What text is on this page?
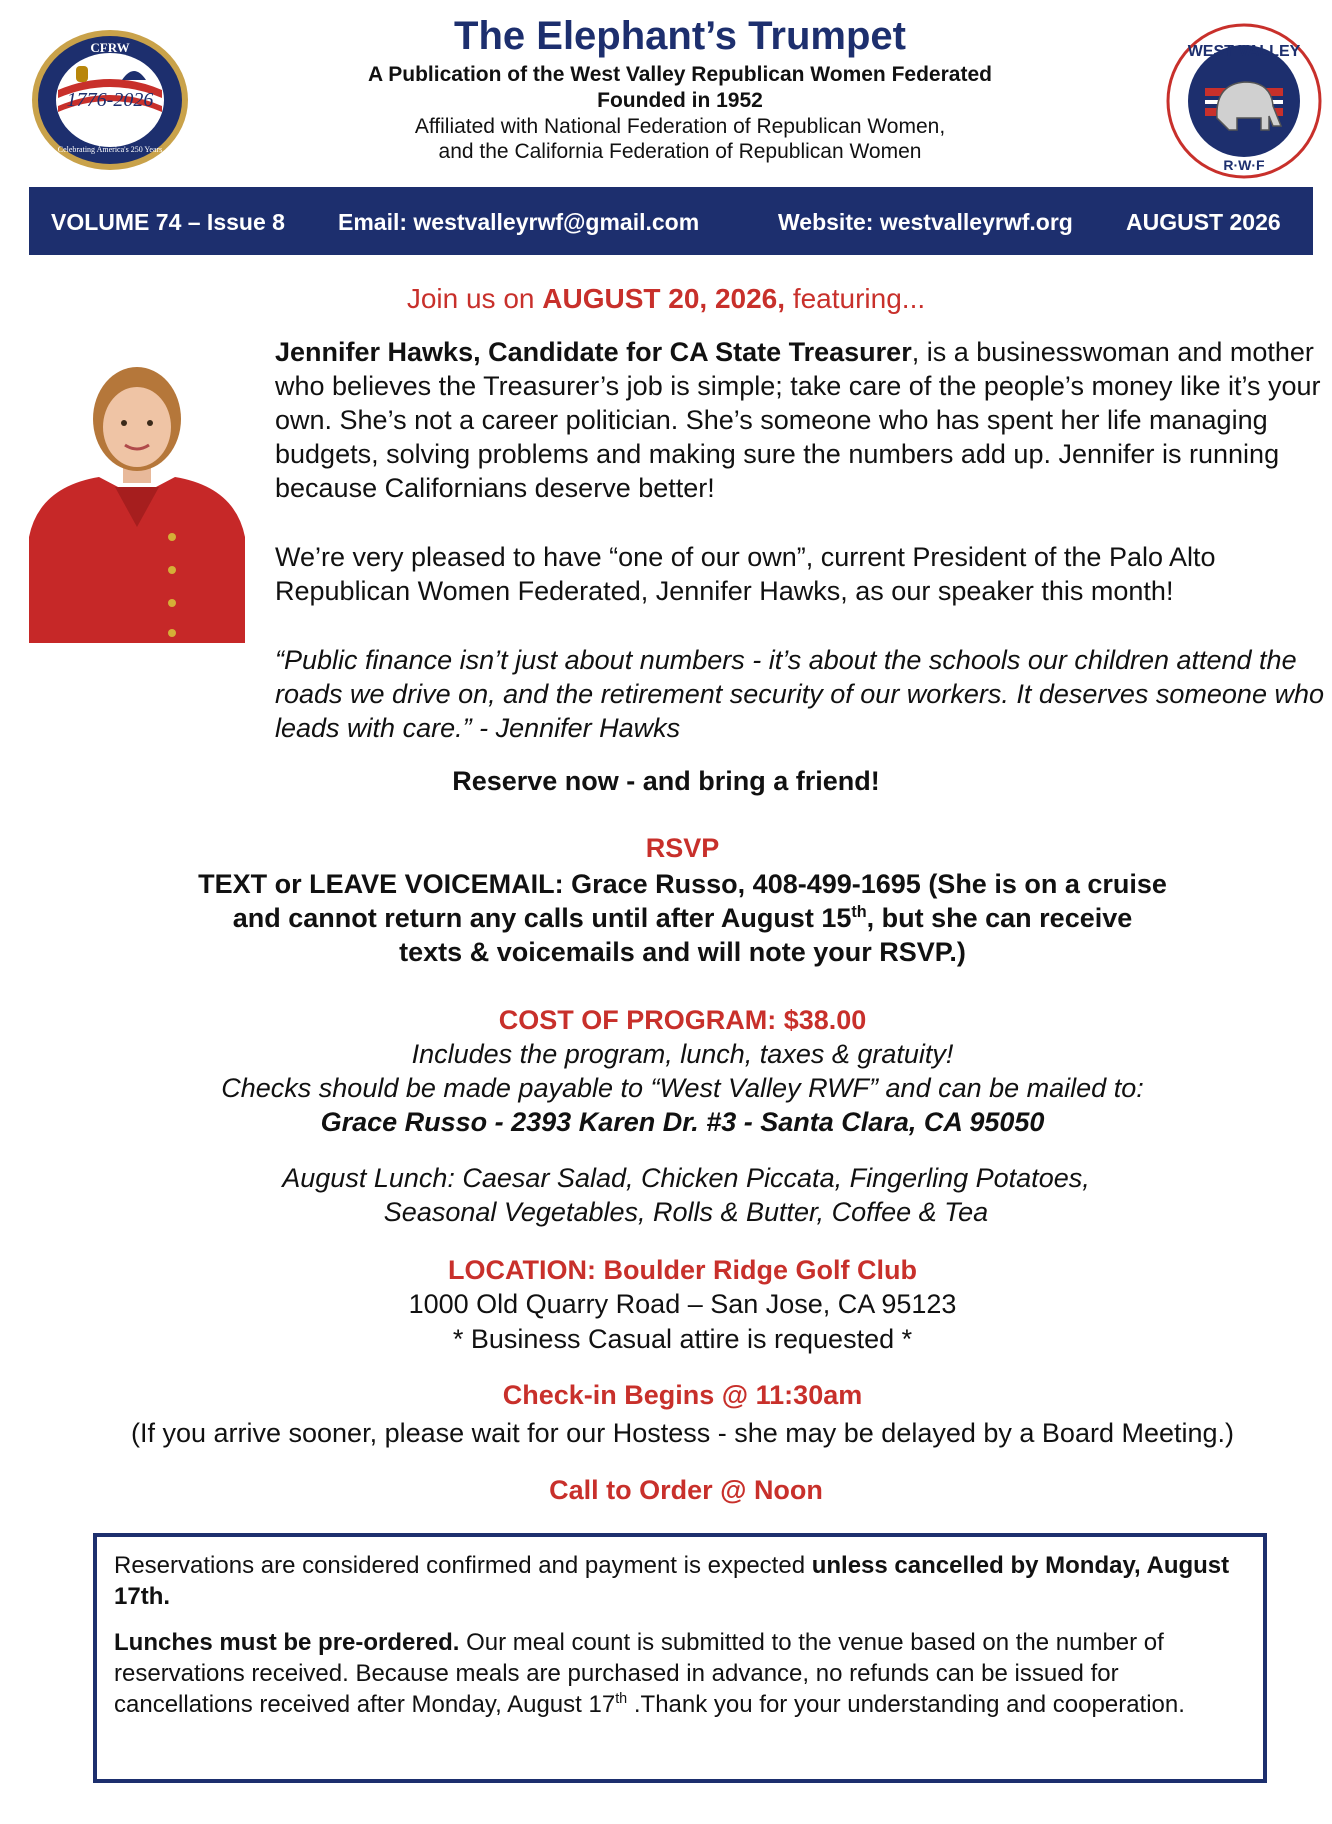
CFRW
1776-2026
Celebrating America's 250 Years
WEST VALLEY
R·W·F
The Elephant’s Trumpet
A Publication of the West Valley Republican Women Federated
Founded in 1952
Affiliated with National Federation of Republican Women,
and the California Federation of Republican Women
VOLUME 74 – Issue 8 Email: westvalleyrwf@gmail.com	Website: westvalleyrwf.org AUGUST 2026
Join us on AUGUST 20, 2026, featuring...
Jennifer Hawks, Candidate for CA State Treasurer, is a businesswoman and mother who believes the Treasurer’s job is simple; take care of the people’s money like it’s your own. She’s not a career politician. She’s someone who has spent her life managing budgets, solving problems and making sure the numbers add up. Jennifer is running because Californians deserve better!
We’re very pleased to have “one of our own”, current President of the Palo Alto Republican Women Federated, Jennifer Hawks, as our speaker this month!
“Public finance isn’t just about numbers - it’s about the schools our children attend the roads we drive on, and the retirement security of our workers. It deserves someone who leads with care.” - Jennifer Hawks
Reserve now - and bring a friend!
RSVP
TEXT or LEAVE VOICEMAIL: Grace Russo, 408-499-1695 (She is on a cruise
and cannot return any calls until after August 15th, but she can receive
texts & voicemails and will note your RSVP.)
COST OF PROGRAM: $38.00
Includes the program, lunch, taxes & gratuity!
Checks should be made payable to “West Valley RWF” and can be mailed to:
Grace Russo - 2393 Karen Dr. #3 - Santa Clara, CA 95050
August Lunch: Caesar Salad, Chicken Piccata, Fingerling Potatoes,
Seasonal Vegetables, Rolls & Butter, Coffee & Tea
LOCATION: Boulder Ridge Golf Club
1000 Old Quarry Road – San Jose, CA 95123
* Business Casual attire is requested *
Check-in Begins @ 11:30am
(If you arrive sooner, please wait for our Hostess - she may be delayed by a Board Meeting.)
Call to Order @ Noon
Reservations are considered confirmed and payment is expected unless cancelled by Monday, August 17th.
Lunches must be pre-ordered. Our meal count is submitted to the venue based on the number of reservations received. Because meals are purchased in advance, no refunds can be issued for cancellations received after Monday, August 17th .Thank you for your understanding and cooperation.
